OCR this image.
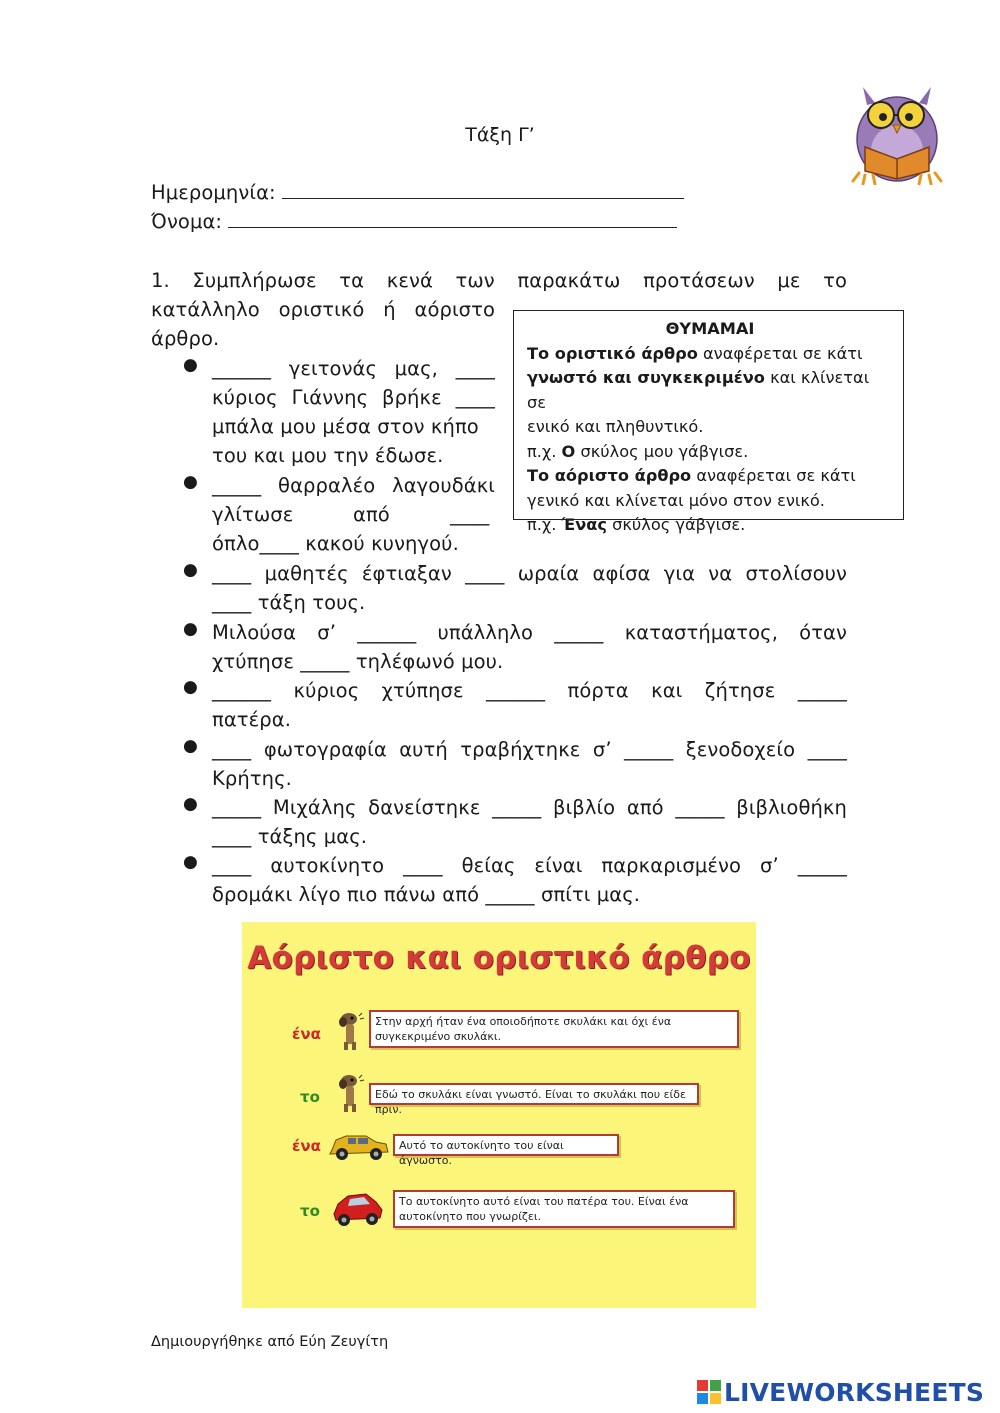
Τάξη Γ’
Ημερομηνία:
Όνομα:
1. Συμπλήρωσε τα κενά των παρακάτω προτάσεων με το
κατάλληλο οριστικό ή αόριστο
άρθρο.
● ______ γειτονάς μας, ____
κύριος Γιάννης βρήκε ____
μπάλα μου μέσα στον κήπο
του και μου την έδωσε.
● _____ θαρραλέο λαγουδάκι
γλίτωσε	από	____
όπλο____ κακού κυνηγού.
● ____ μαθητές έφτιαξαν ____ ωραία αφίσα για να στολίσουν
____ τάξη τους.
● Μιλούσα σ’ ______ υπάλληλο _____ καταστήματος, όταν
χτύπησε _____ τηλέφωνό μου.
● ______ κύριος χτύπησε ______ πόρτα και ζήτησε _____
πατέρα.
● ____ φωτογραφία αυτή τραβήχτηκε σ’ _____ ξενοδοχείο ____
Κρήτης.
● _____ Μιχάλης δανείστηκε _____ βιβλίο από _____ βιβλιοθήκη
____ τάξης μας.
● ____ αυτοκίνητο ____ θείας είναι παρκαρισμένο σ’ _____
δρομάκι λίγο πιο πάνω από _____ σπίτι μας.
ΘΥΜΑΜΑΙ
Το οριστικό άρθρο αναφέρεται σε κάτι
γνωστό και συγκεκριμένο και κλίνεται σε
ενικό και πληθυντικό.
π.χ. Ο σκύλος μου γάβγισε.
Το αόριστο άρθρο αναφέρεται σε κάτι
γενικό και κλίνεται μόνο στον ενικό.
π.χ. Ένας σκύλος γάβγισε.
Αόριστο και οριστικό άρθρο
ένα
Στην αρχή ήταν ένα οποιοδήποτε σκυλάκι και όχι ένα συγκεκριμένο σκυλάκι.
το	Εδώ το σκυλάκι είναι γνωστό. Είναι το σκυλάκι που είδε πριν.
ένα	Αυτό το αυτοκίνητο του είναι άγνωστο.
το
Το αυτοκίνητο αυτό είναι του πατέρα του. Είναι ένα αυτοκίνητο που γνωρίζει.
Δημιουργήθηκε από Εύη Ζευγίτη
LIVEWORKSHEETS
